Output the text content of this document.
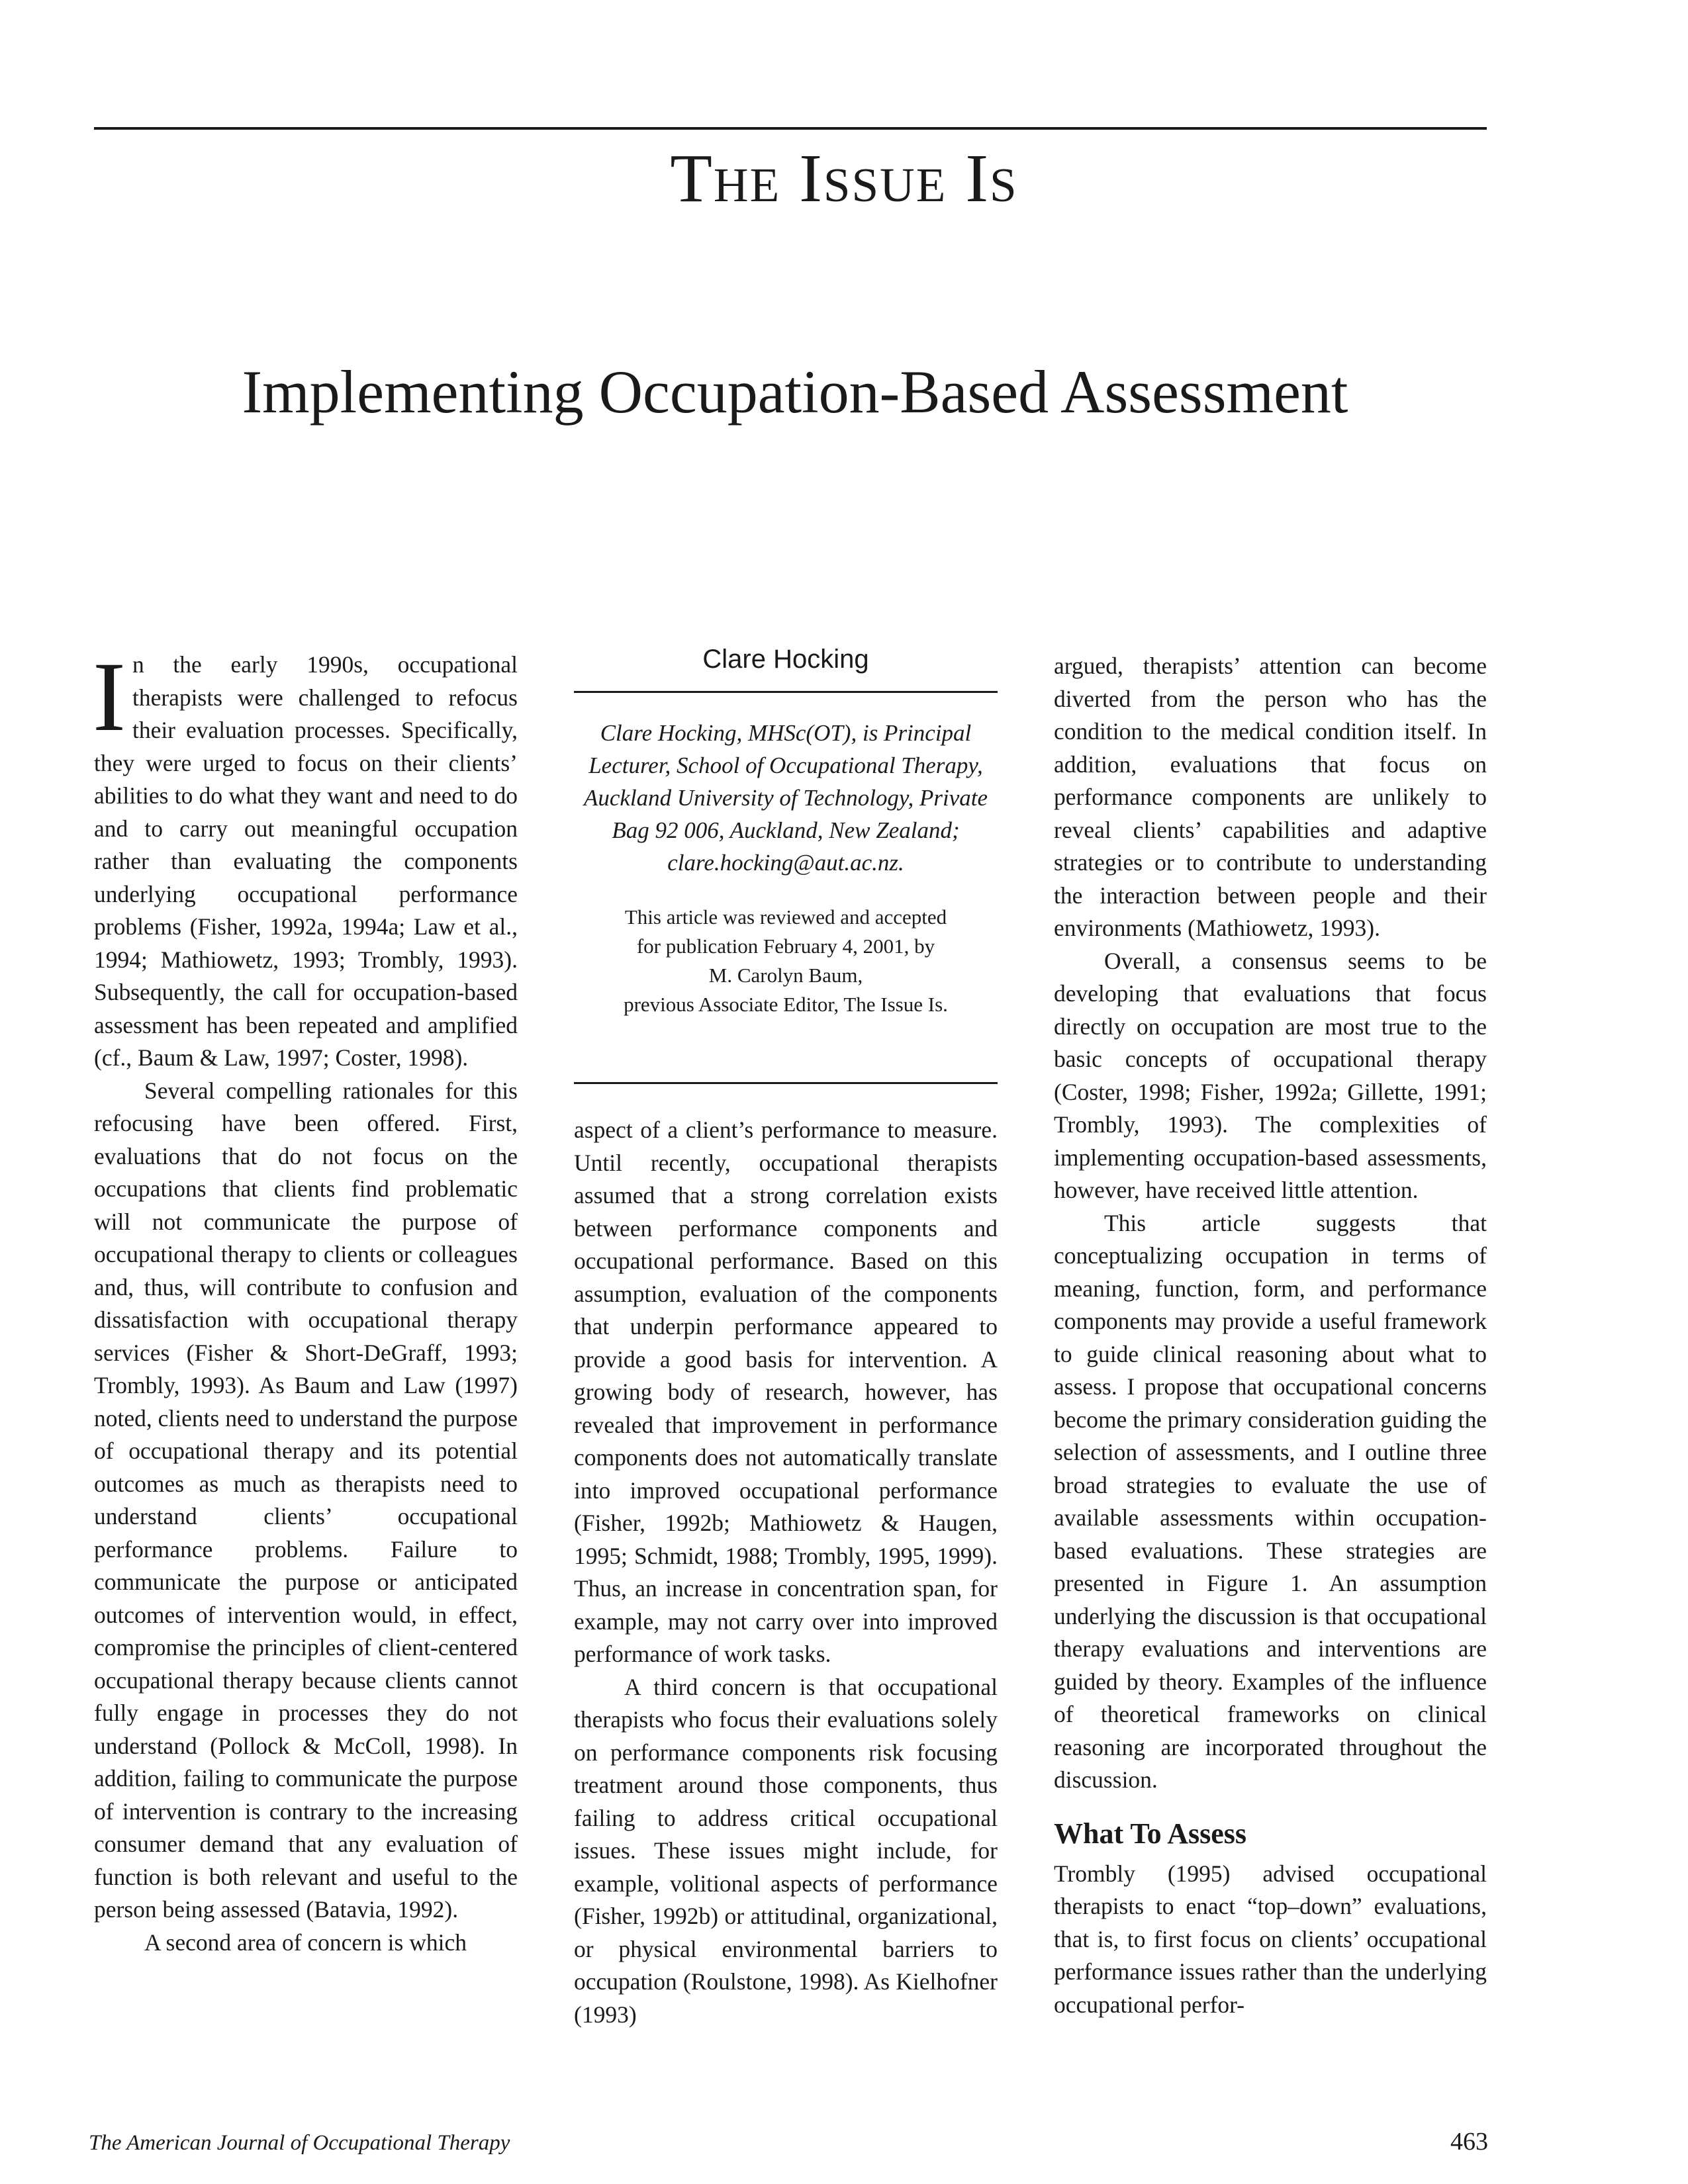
The Issue Is
Implementing Occupation-Based Assessment

In the early 1990s, occupational therapists were challenged to refocus their evaluation processes. Specifically, they were urged to focus on their clients’ abilities to do what they want and need to do and to carry out meaningful occupation rather than evaluating the components underlying occupational performance problems (Fisher, 1992a, 1994a; Law et al., 1994; Mathiowetz, 1993; Trombly, 1993). Subsequently, the call for occupation-based assessment has been repeated and amplified (cf., Baum & Law, 1997; Coster, 1998).

Several compelling rationales for this refocusing have been offered. First, evaluations that do not focus on the occupations that clients find problematic will not communicate the purpose of occupational therapy to clients or colleagues and, thus, will contribute to confusion and dissatisfaction with occupational therapy services (Fisher & Short-DeGraff, 1993; Trombly, 1993). As Baum and Law (1997) noted, clients need to understand the purpose of occupational therapy and its potential outcomes as much as therapists need to understand clients’ occupational performance problems. Failure to communicate the purpose or anticipated outcomes of intervention would, in effect, compromise the principles of client-centered occupational therapy because clients cannot fully engage in processes they do not understand (Pollock & McColl, 1998). In addition, failing to communicate the purpose of intervention is contrary to the increasing consumer demand that any evaluation of function is both relevant and useful to the person being assessed (Batavia, 1992).

A second area of concern is which

Clare Hocking
Clare Hocking, MHSc(OT), is Principal
Lecturer, School of Occupational Therapy,
Auckland University of Technology, Private
Bag 92 006, Auckland, New Zealand;
clare.hocking@aut.ac.nz.
This article was reviewed and accepted
for publication February 4, 2001, by
M. Carolyn Baum,
previous Associate Editor, The Issue Is.

aspect of a client’s performance to measure. Until recently, occupational therapists assumed that a strong correlation exists between performance components and occupational performance. Based on this assumption, evaluation of the components that underpin performance appeared to provide a good basis for intervention. A growing body of research, however, has revealed that improvement in performance components does not automatically translate into improved occupational performance (Fisher, 1992b; Mathiowetz & Haugen, 1995; Schmidt, 1988; Trombly, 1995, 1999). Thus, an increase in concentration span, for example, may not carry over into improved performance of work tasks.

A third concern is that occupational therapists who focus their evaluations solely on performance components risk focusing treatment around those components, thus failing to address critical occupational issues. These issues might include, for example, volitional aspects of performance (Fisher, 1992b) or attitudinal, organizational, or physical environmental barriers to occupation (Roulstone, 1998). As Kielhofner (1993)

argued, therapists’ attention can become diverted from the person who has the condition to the medical condition itself. In addition, evaluations that focus on performance components are unlikely to reveal clients’ capabilities and adaptive strategies or to contribute to understanding the interaction between people and their environments (Mathiowetz, 1993).

Overall, a consensus seems to be developing that evaluations that focus directly on occupation are most true to the basic concepts of occupational therapy (Coster, 1998; Fisher, 1992a; Gillette, 1991; Trombly, 1993). The complexities of implementing occupation-based assessments, however, have received little attention.

This article suggests that conceptualizing occupation in terms of meaning, function, form, and performance components may provide a useful framework to guide clinical reasoning about what to assess. I propose that occupational concerns become the primary consideration guiding the selection of assessments, and I outline three broad strategies to evaluate the use of available assessments within occupation-based evaluations. These strategies are presented in Figure 1. An assumption underlying the discussion is that occupational therapy evaluations and interventions are guided by theory. Examples of the influence of theoretical frameworks on clinical reasoning are incorporated throughout the discussion.

What To Assess

Trombly (1995) advised occupational therapists to enact “top–down” evaluations, that is, to first focus on clients’ occupational performance issues rather than the underlying occupational perfor-

The American Journal of Occupational Therapy	463
